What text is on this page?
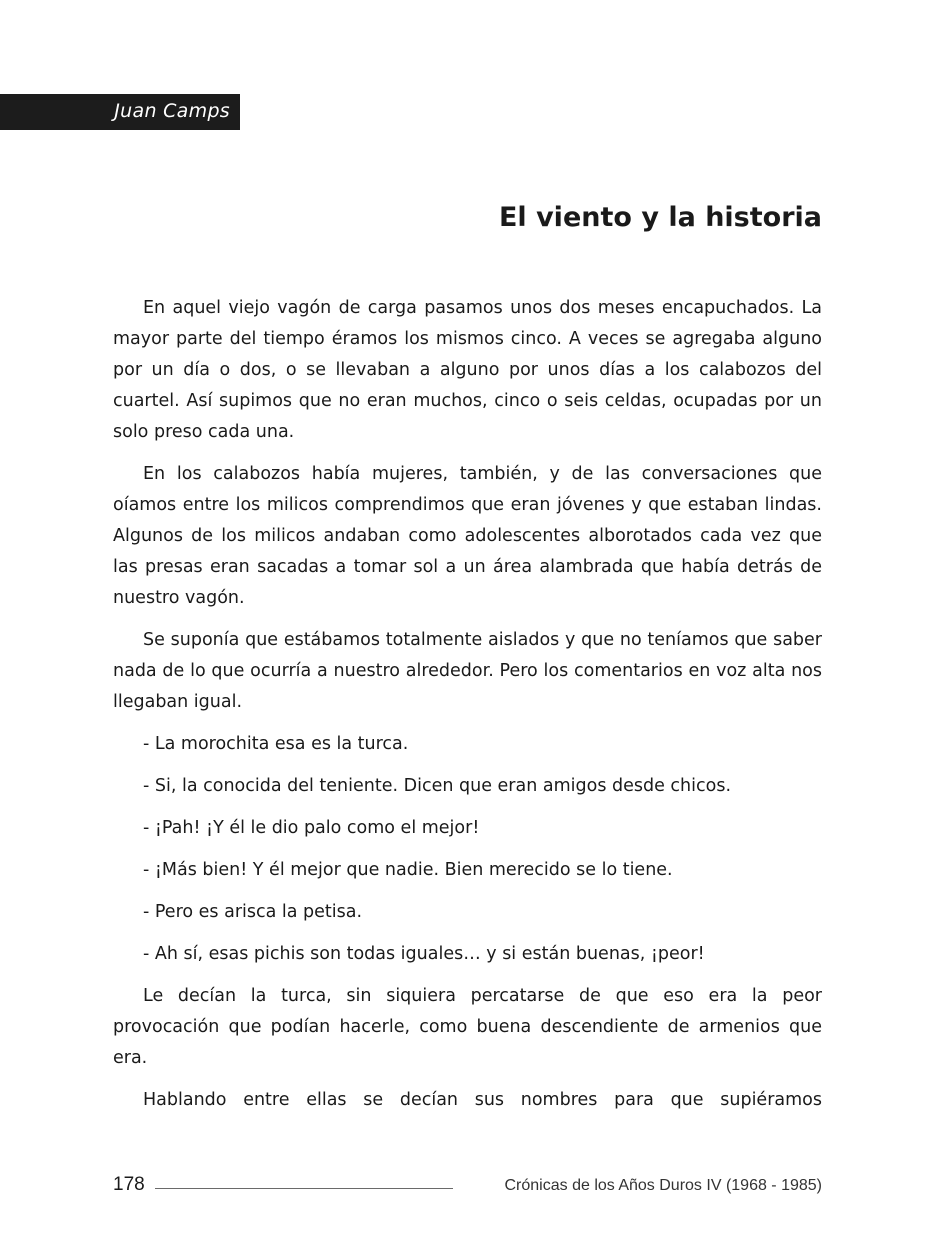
Juan Camps
El viento y la historia

En aquel viejo vagón de carga pasamos unos dos meses encapuchados. La mayor parte del tiempo éramos los mismos cinco. A veces se agregaba alguno por un día o dos, o se llevaban a alguno por unos días a los calabozos del cuartel. Así supimos que no eran muchos, cinco o seis celdas, ocupadas por un solo preso cada una.

En los calabozos había mujeres, también, y de las conversaciones que oíamos entre los milicos comprendimos que eran jóvenes y que estaban lindas. Algunos de los milicos andaban como adolescentes alborotados cada vez que las presas eran sacadas a tomar sol a un área alambrada que había detrás de nuestro vagón.

Se suponía que estábamos totalmente aislados y que no teníamos que saber nada de lo que ocurría a nuestro alrededor. Pero los comentarios en voz alta nos llegaban igual.

- La morochita esa es la turca.

- Si, la conocida del teniente. Dicen que eran amigos desde chicos.

- ¡Pah! ¡Y él le dio palo como el mejor!

- ¡Más bien! Y él mejor que nadie. Bien merecido se lo tiene.

- Pero es arisca la petisa.

- Ah sí, esas pichis son todas iguales… y si están buenas, ¡peor!

Le decían la turca, sin siquiera percatarse de que eso era la peor provocación que podían hacerle, como buena descendiente de armenios que era.

Hablando entre ellas se decían sus nombres para que supiéramos

178	Crónicas de los Años Duros IV (1968 - 1985)
